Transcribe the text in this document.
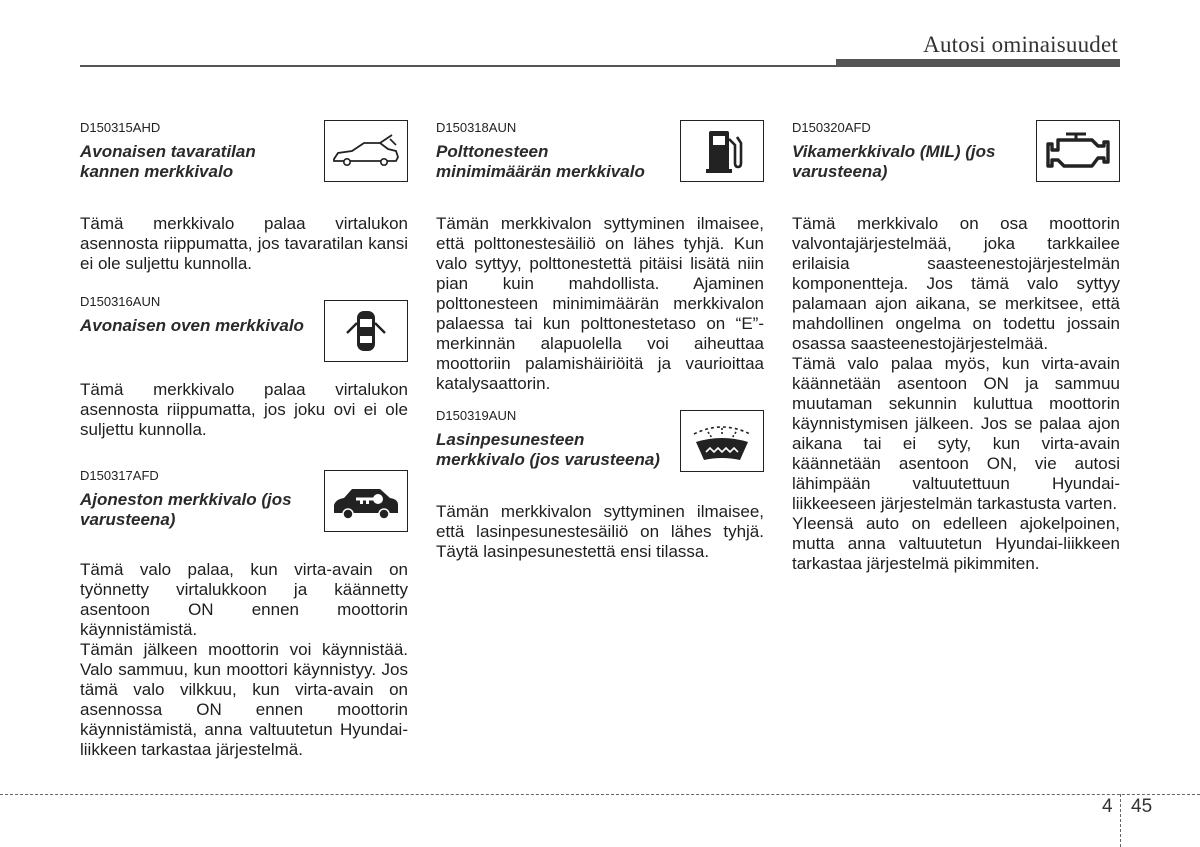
Autosi ominaisuudet
D150315AHD
Avonaisen tavaratilan kannen merkkivalo

Tämä merkkivalo palaa virtalukon asennosta riippumatta, jos tavaratilan kansi ei ole suljettu kunnolla.

D150316AUN
Avonaisen oven merkkivalo

Tämä merkkivalo palaa virtalukon asennosta riippumatta, jos joku ovi ei ole suljettu kunnolla.

D150317AFD
Ajoneston merkkivalo (jos varusteena)

Tämä valo palaa, kun virta-avain on työnnetty virtalukkoon ja käännetty asentoon ON ennen moottorin käynnistämistä.

Tämän jälkeen moottorin voi käynnistää. Valo sammuu, kun moottori käynnistyy. Jos tämä valo vilkkuu, kun virta-avain on asennossa ON ennen moottorin käynnistämistä, anna valtuutetun Hyundai-liikkeen tarkastaa järjestelmä.

D150318AUN
Polttonesteen minimimäärän merkkivalo

Tämän merkkivalon syttyminen ilmaisee, että polttonestesäiliö on lähes tyhjä. Kun valo syttyy, polttonestettä pitäisi lisätä niin pian kuin mahdollista. Ajaminen polttonesteen minimimäärän merkkivalon palaessa tai kun polttonestetaso on “E”-merkinnän alapuolella voi aiheuttaa moottoriin palamishäiriöitä ja vaurioittaa katalysaattorin.

D150319AUN
Lasinpesunesteen merkkivalo (jos varusteena)

Tämän merkkivalon syttyminen ilmaisee, että lasinpesunestesäiliö on lähes tyhjä. Täytä lasinpesunestettä ensi tilassa.

D150320AFD
Vikamerkkivalo (MIL) (jos varusteena)

Tämä merkkivalo on osa moottorin valvontajärjestelmää, joka tarkkailee erilaisia saasteenestojärjestelmän komponentteja. Jos tämä valo syttyy palamaan ajon aikana, se merkitsee, että mahdollinen ongelma on todettu jossain osassa saasteenestojärjestelmää.

Tämä valo palaa myös, kun virta-avain käännetään asentoon ON ja sammuu muutaman sekunnin kuluttua moottorin käynnistymisen jälkeen. Jos se palaa ajon aikana tai ei syty, kun virta-avain käännetään asentoon ON, vie autosi lähimpään valtuutettuun Hyundai-liikkeeseen järjestelmän tarkastusta varten.

Yleensä auto on edelleen ajokelpoinen, mutta anna valtuutetun Hyundai-liikkeen tarkastaa järjestelmä pikimmiten.

4 45
